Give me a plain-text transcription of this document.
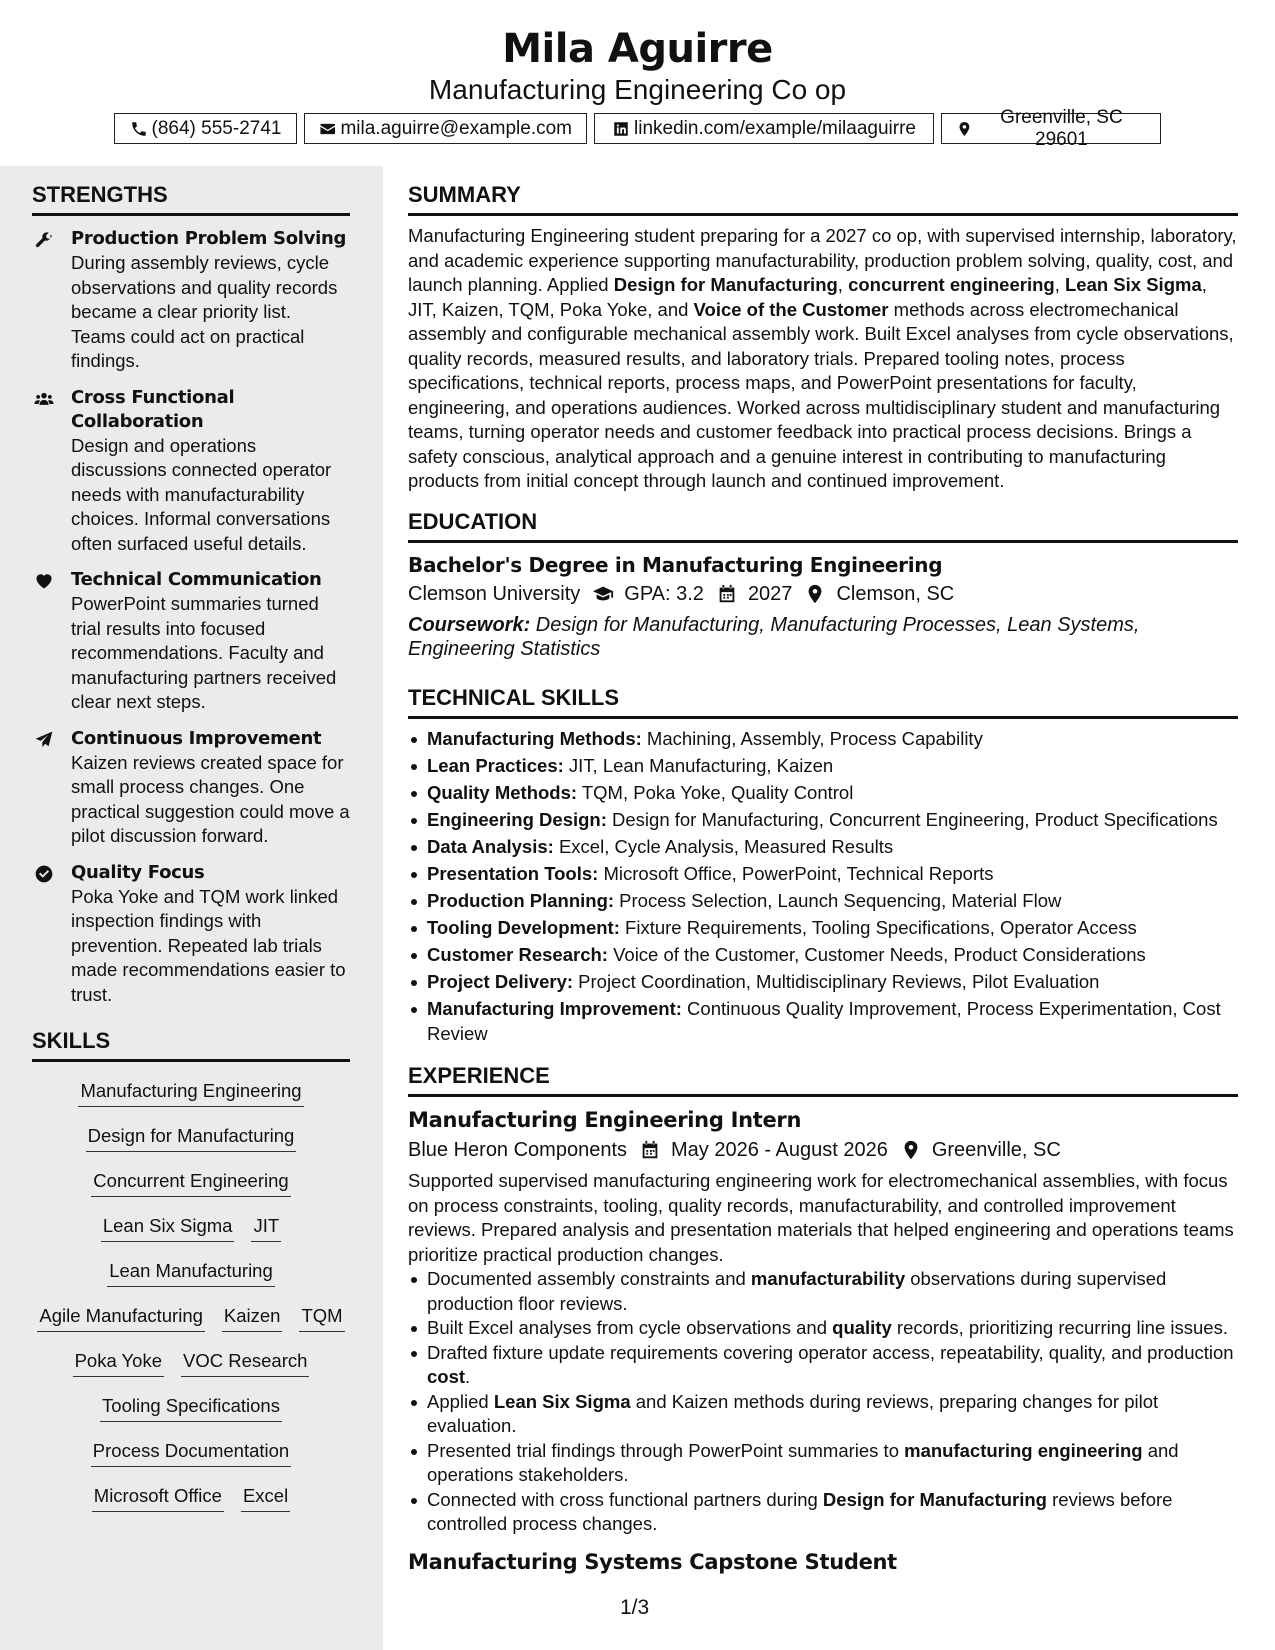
Mila Aguirre
Manufacturing Engineering Co op
(864) 555-2741	mila.aguirre@example.com	linkedin.com/example/milaaguirre
Greenville, SC 29601
STRENGTHS
Production Problem Solving
During assembly reviews, cycle observations and quality records became a clear priority list. Teams could act on practical findings.
Cross Functional Collaboration
Design and operations discussions connected operator needs with manufacturability choices. Informal conversations often surfaced useful details.
Technical Communication
PowerPoint summaries turned trial results into focused recommendations. Faculty and manufacturing partners received clear next steps.
Continuous Improvement
Kaizen reviews created space for small process changes. One practical suggestion could move a pilot discussion forward.
Quality Focus
Poka Yoke and TQM work linked inspection findings with prevention. Repeated lab trials made recommendations easier to trust.
SKILLS
Manufacturing Engineering
Design for Manufacturing
Concurrent Engineering
Lean Six Sigma JIT
Lean Manufacturing
Agile Manufacturing Kaizen TQM
Poka Yoke VOC Research
Tooling Specifications
Process Documentation
Microsoft Office Excel
SUMMARY

Manufacturing Engineering student preparing for a 2027 co op, with supervised internship, laboratory, and academic experience supporting manufacturability, production problem solving, quality, cost, and launch planning. Applied Design for Manufacturing, concurrent engineering, Lean Six Sigma, JIT, Kaizen, TQM, Poka Yoke, and Voice of the Customer methods across electromechanical assembly and configurable mechanical assembly work. Built Excel analyses from cycle observations, quality records, measured results, and laboratory trials. Prepared tooling notes, process specifications, technical reports, process maps, and PowerPoint presentations for faculty, engineering, and operations audiences. Worked across multidisciplinary student and manufacturing teams, turning operator needs and customer feedback into practical process decisions. Brings a safety conscious, analytical approach and a genuine interest in contributing to manufacturing products from initial concept through launch and continued improvement.

EDUCATION
Bachelor's Degree in Manufacturing Engineering
Clemson University GPA: 3.2 2027 Clemson, SC
Coursework: Design for Manufacturing, Manufacturing Processes, Lean Systems, Engineering Statistics
TECHNICAL SKILLS
Manufacturing Methods: Machining, Assembly, Process Capability
Lean Practices: JIT, Lean Manufacturing, Kaizen
Quality Methods: TQM, Poka Yoke, Quality Control
Engineering Design: Design for Manufacturing, Concurrent Engineering, Product Specifications
Data Analysis: Excel, Cycle Analysis, Measured Results
Presentation Tools: Microsoft Office, PowerPoint, Technical Reports
Production Planning: Process Selection, Launch Sequencing, Material Flow
Tooling Development: Fixture Requirements, Tooling Specifications, Operator Access
Customer Research: Voice of the Customer, Customer Needs, Product Considerations
Project Delivery: Project Coordination, Multidisciplinary Reviews, Pilot Evaluation
Manufacturing Improvement: Continuous Quality Improvement, Process Experimentation, Cost Review
EXPERIENCE
Manufacturing Engineering Intern
Blue Heron Components May 2026 - August 2026 Greenville, SC

Supported supervised manufacturing engineering work for electromechanical assemblies, with focus on process constraints, tooling, quality records, manufacturability, and controlled improvement reviews. Prepared analysis and presentation materials that helped engineering and operations teams prioritize practical production changes.

Documented assembly constraints and manufacturability observations during supervised production floor reviews.
Built Excel analyses from cycle observations and quality records, prioritizing recurring line issues.
Drafted fixture update requirements covering operator access, repeatability, quality, and production cost.
Applied Lean Six Sigma and Kaizen methods during reviews, preparing changes for pilot evaluation.
Presented trial findings through PowerPoint summaries to manufacturing engineering and operations stakeholders.
Connected with cross functional partners during Design for Manufacturing reviews before controlled process changes.
Manufacturing Systems Capstone Student
1/3
